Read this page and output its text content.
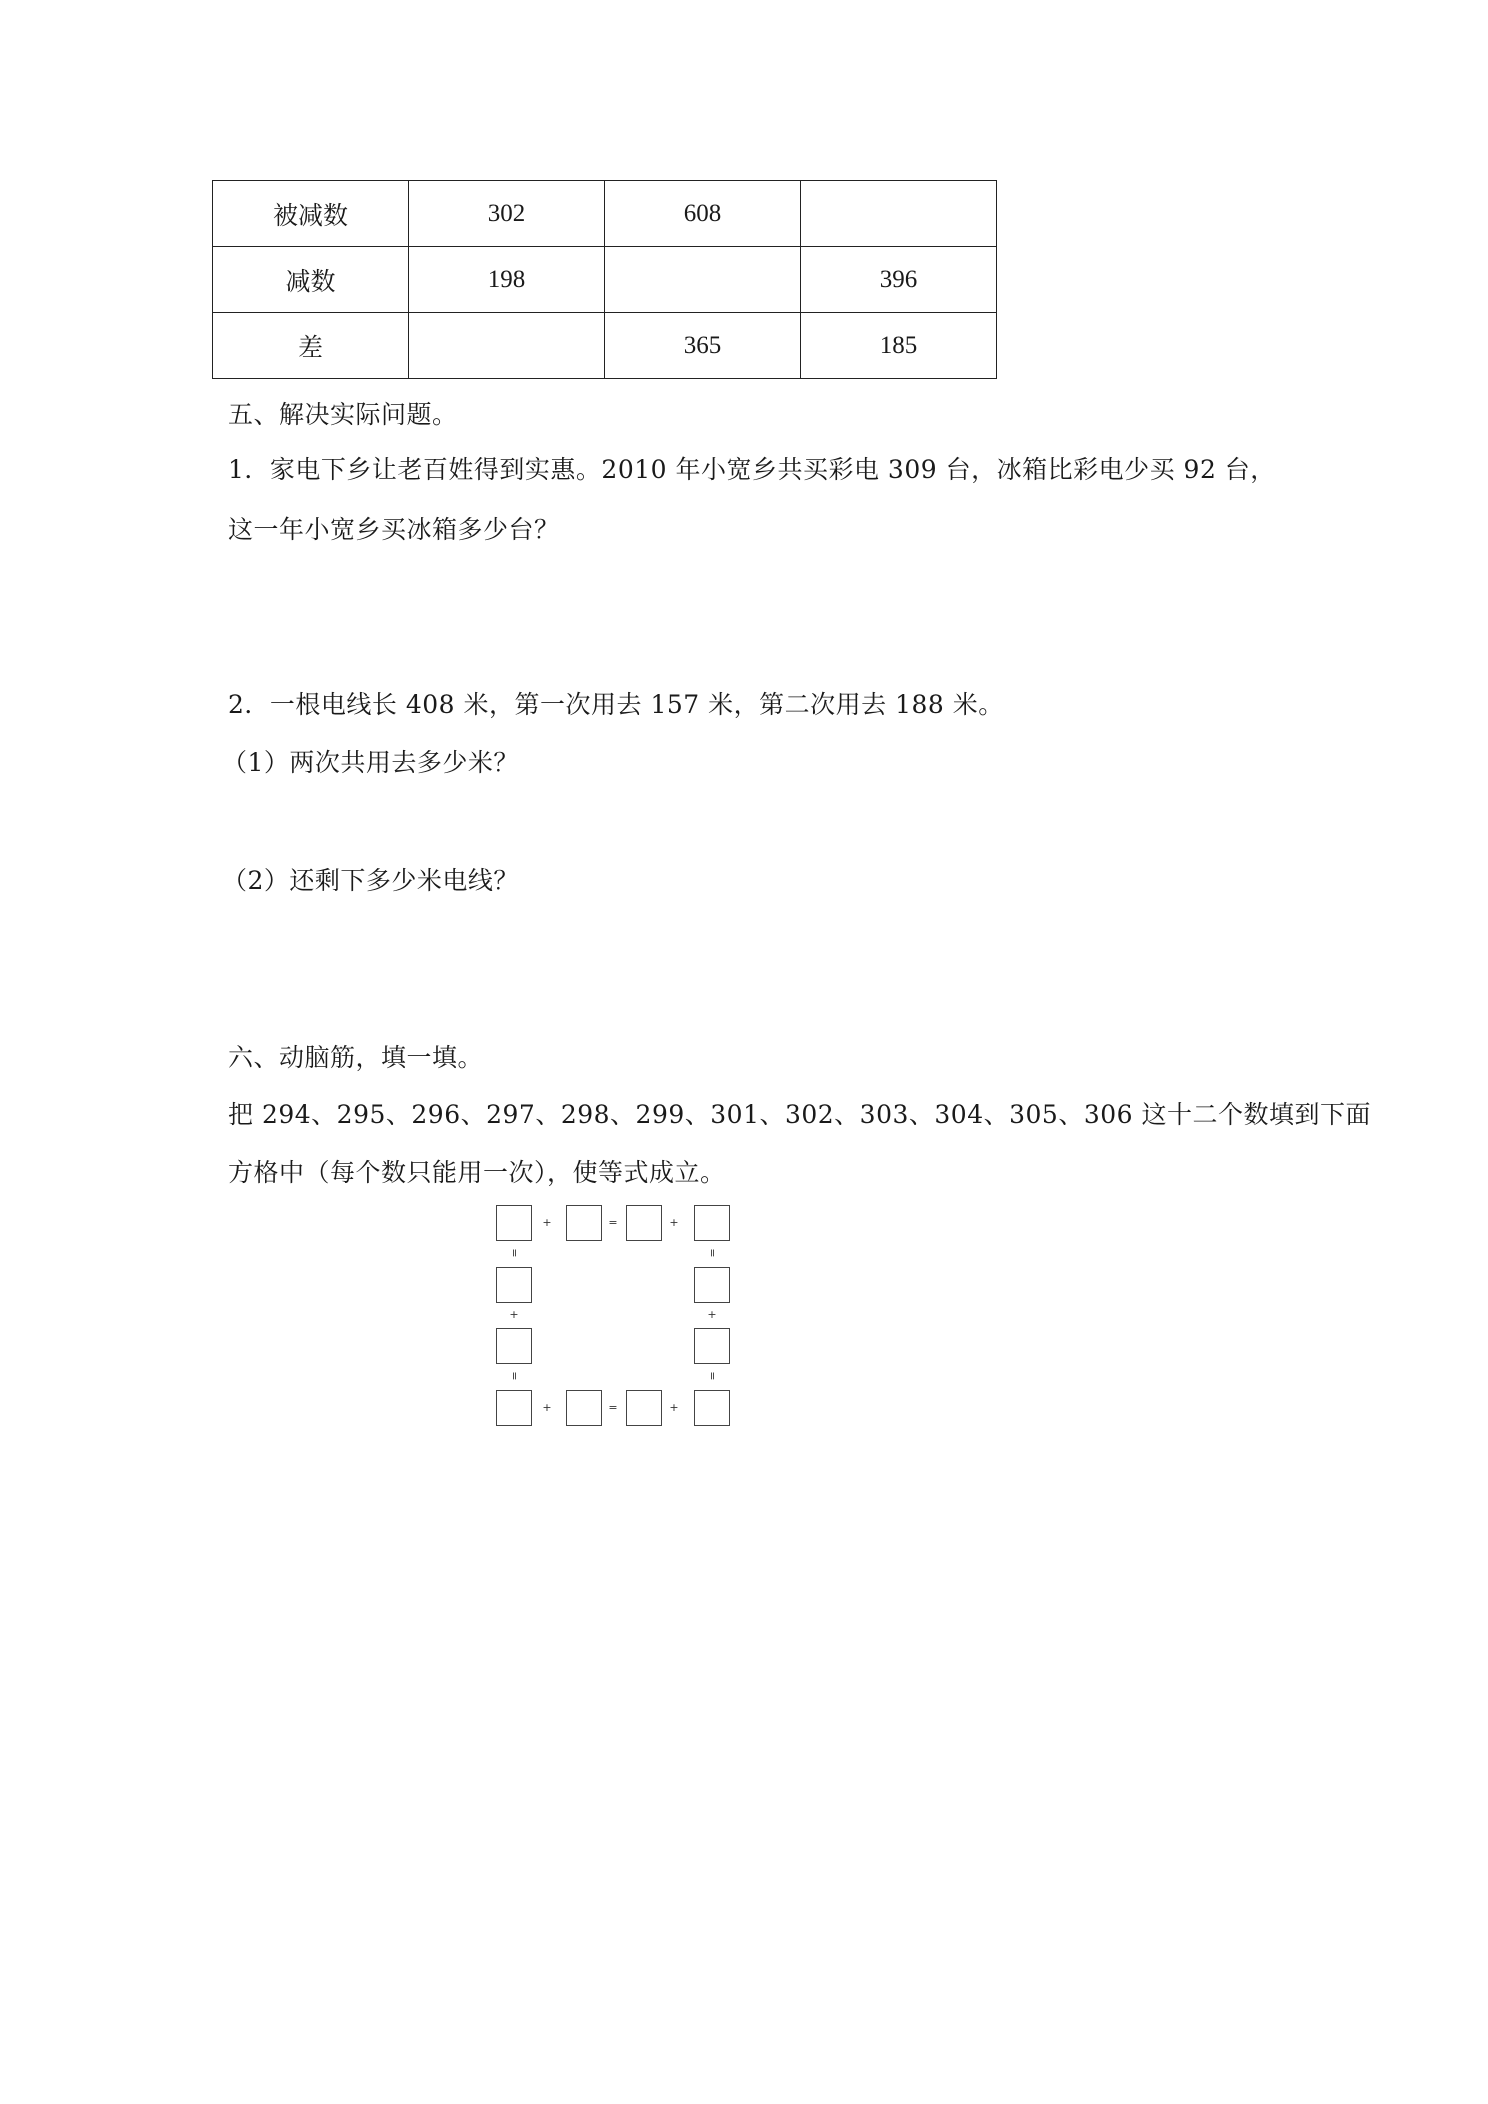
被减数	302	608	
减数	198		396
差		365	185
五、解决实际问题。
1．家电下乡让老百姓得到实惠。2010 年小宽乡共买彩电 309 台，冰箱比彩电少买 92 台，
这一年小宽乡买冰箱多少台？
2．一根电线长 408 米，第一次用去 157 米，第二次用去 188 米。
（1）两次共用去多少米？
（2）还剩下多少米电线？
六、动脑筋，填一填。
把 294、295、296、297、298、299、301、302、303、304、305、306 这十二个数填到下面
方格中（每个数只能用一次），使等式成立。
+	=	+
=
+
=
=
+
=
+	=	+
